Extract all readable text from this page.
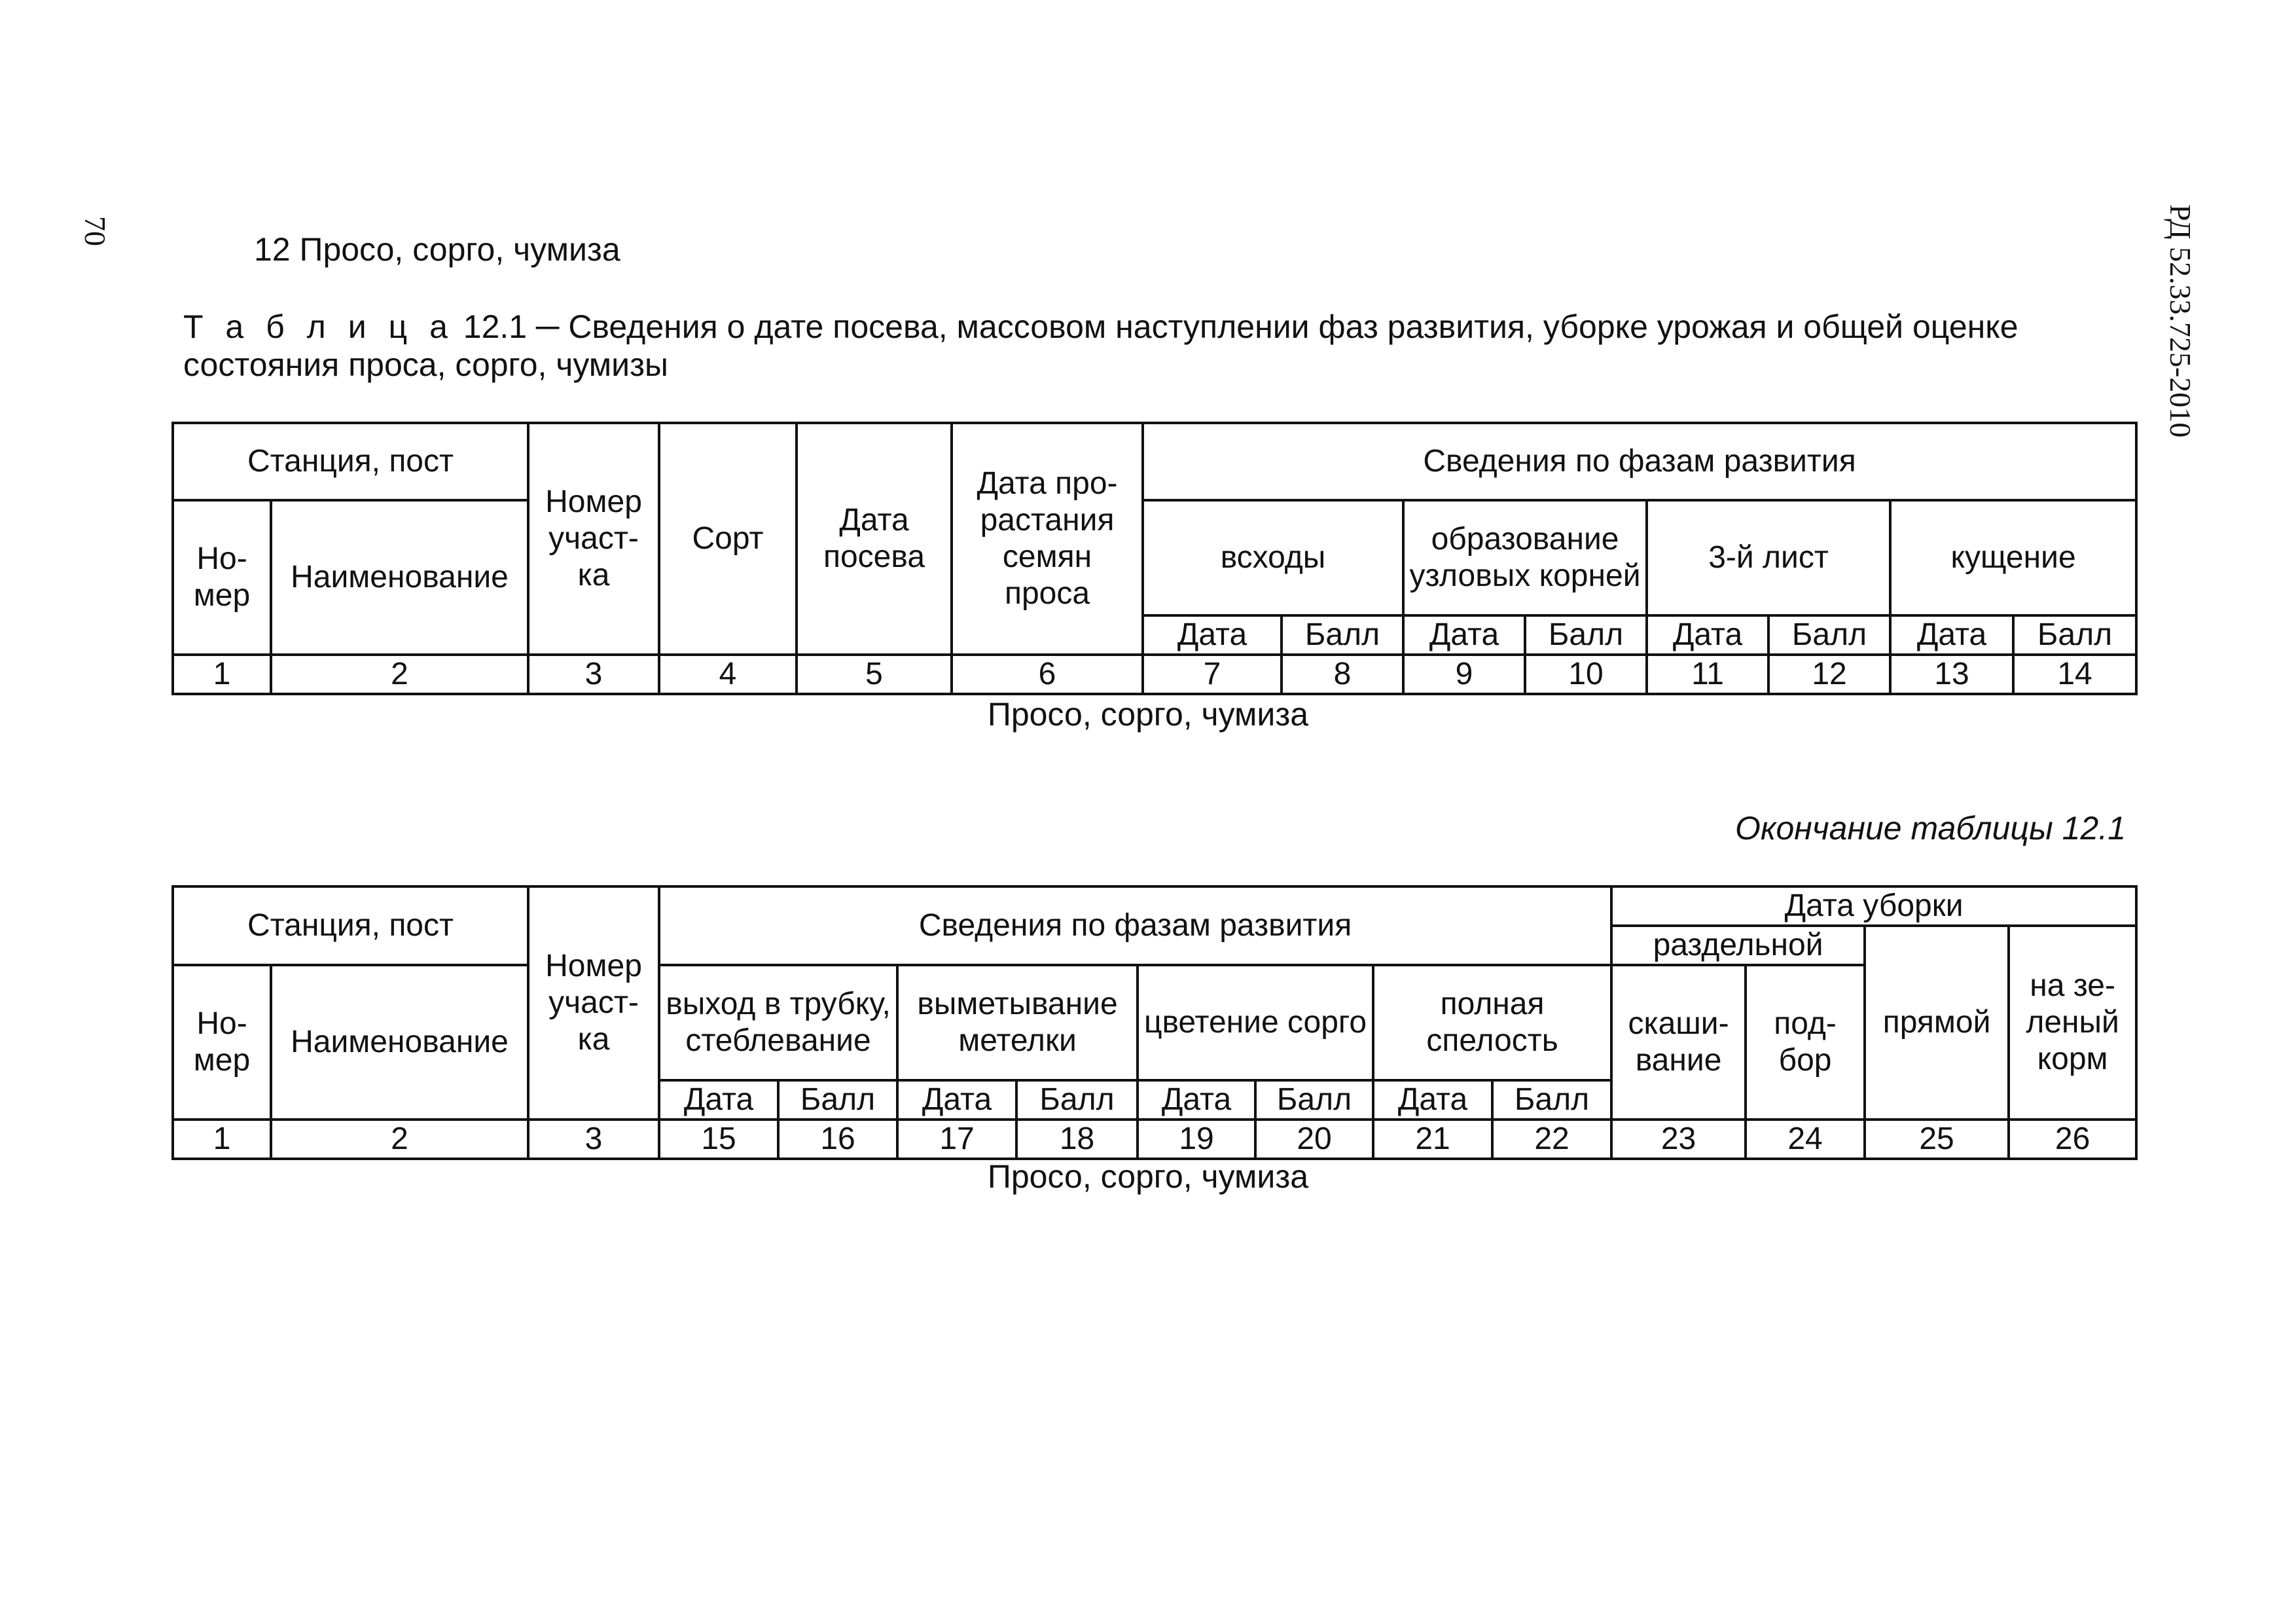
70	РД 52.33.725-2010
12 Просо, сорго, чумиза
Т а б л и ц а 12.1 ─ Сведения о дате посева, массовом наступлении фаз развития, уборке урожая и общей оценке состояния проса, сорго, чумизы
Станция, пост		Номер участ-ка	Сорт	Дата посева	Дата про-растания семян проса	Сведения по фазам развития							
Но-мер	Наименование					всходы		образование узловых корней		3-й лист		кущение	
						Дата	Балл	Дата	Балл	Дата	Балл	Дата	Балл
1	2	3	4	5	6	7	8	9	10	11	12	13	14
Просо, сорго, чумиза
Окончание таблицы 12.1
Станция, пост		Номер участ-ка	Сведения по фазам развития								Дата уборки			
											раздельной		прямой	на зе-леный корм
Но-мер	Наименование		выход в трубку, стеблевание		выметывание метелки		цветение сорго		полная спелость		скаши-вание	под-бор		
			Дата	Балл	Дата	Балл	Дата	Балл	Дата	Балл				
1	2	3	15	16	17	18	19	20	21	22	23	24	25	26
Просо, сорго, чумиза
